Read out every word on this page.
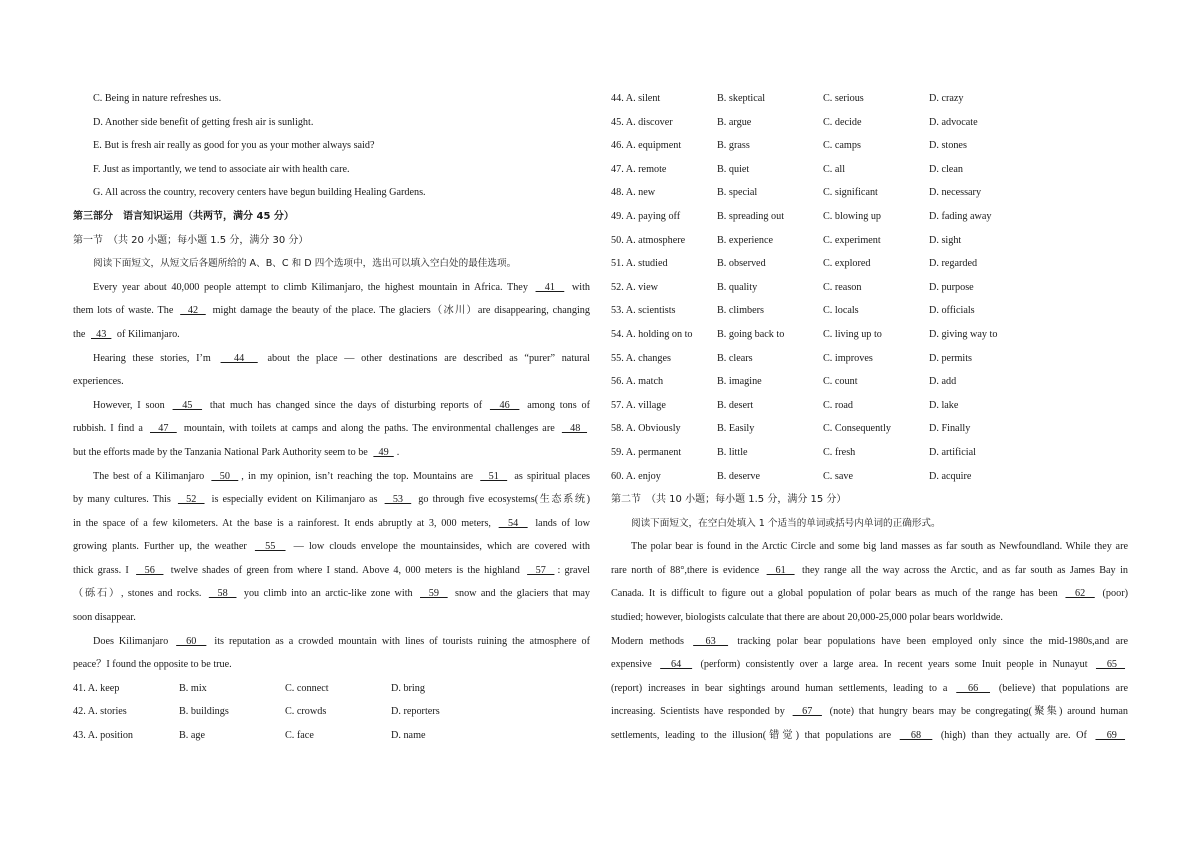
C. Being in nature refreshes us.
D. Another side benefit of getting fresh air is sunlight.
E. But is fresh air really as good for you as your mother always said?
F. Just as importantly, we tend to associate air with health care.
G. All across the country, recovery centers have begun building Healing Gardens.
第三部分　语言知识运用（共两节，满分 45 分）
第一节　（共 20 小题；每小题 1.5 分，满分 30 分）
阅读下面短文，从短文后各题所给的 A、B、C 和 D 四个选项中，选出可以填入空白处的最佳选项。
Every year about 40,000 people attempt to climb Kilimanjaro, the highest mountain in Africa. They   41   with
them lots of waste. The   42   might damage the beauty of the place. The glaciers（冰川）are disappearing, changing
the   43   of Kilimanjaro.
Hearing these stories, I’m   44   about the place — other destinations are described as “purer” natural
experiences.
However, I soon   45   that much has changed since the days of disturbing reports of   46   among tons of
rubbish. I find a   47   mountain, with toilets at camps and along the paths. The environmental challenges are   48
but the efforts made by the Tanzania National Park Authority seem to be   49  .
The best of a Kilimanjaro   50  , in my opinion, isn’t reaching the top. Mountains are   51   as spiritual places
by many cultures. This   52   is especially evident on Kilimanjaro as   53   go through five ecosystems(生态系统)
in the space of a few kilometers. At the base is a rainforest. It ends abruptly at 3, 000 meters,   54   lands of low
growing plants. Further up, the weather   55   — low clouds envelope the mountainsides, which are covered with
thick grass. I   56   twelve shades of green from where I stand. Above 4, 000 meters is the highland   57  : gravel
（砾石）, stones and rocks.   58   you climb into an arctic-like zone with   59   snow and the glaciers that may
soon disappear.
Does Kilimanjaro   60   its reputation as a crowded mountain with lines of tourists ruining the atmosphere of
peace？I found the opposite to be true.
41. A. keep	B. mix	C. connect	D. bring
42. A. stories	B. buildings	C. crowds	D. reporters
43. A. position	B. age	C. face	D. name
44. A. silent	B. skeptical	C. serious	D. crazy
45. A. discover	B. argue	C. decide	D. advocate
46. A. equipment	B. grass	C. camps	D. stones
47. A. remote	B. quiet	C. all	D. clean
48. A. new	B. special	C. significant	D. necessary
49. A. paying off	B. spreading out	C. blowing up	D. fading away
50. A. atmosphere	B. experience	C. experiment	D. sight
51. A. studied	B. observed	C. explored	D. regarded
52. A. view	B. quality	C. reason	D. purpose
53. A. scientists	B. climbers	C. locals	D. officials
54. A. holding on to	B. going back to	C. living up to	D. giving way to
55. A. changes	B. clears	C. improves	D. permits
56. A. match	B. imagine	C. count	D. add
57. A. village	B. desert	C. road	D. lake
58. A. Obviously	B. Easily	C. Consequently	D. Finally
59. A. permanent	B. little	C. fresh	D. artificial
60. A. enjoy	B. deserve	C. save	D. acquire
第二节　（共 10 小题；每小题 1.5 分，满分 15 分）
阅读下面短文，在空白处填入 1 个适当的单词或括号内单词的正确形式。
The polar bear is found in the Arctic Circle and some big land masses as far south as Newfoundland. While they are
rare north of 88°,there is evidence   61   they range all the way across the Arctic, and as far south as James Bay in
Canada. It is difficult to figure out a global population of polar bears as much of the range has been   62   (poor)
studied; however, biologists calculate that there are about 20,000-25,000 polar bears worldwide.
Modern methods   63   tracking polar bear populations have been employed only since the mid-1980s,and are
expensive   64   (perform) consistently over a large area. In recent years some Inuit people in Nunayut   65
(report) increases in bear sightings around human settlements, leading to a   66   (believe) that populations are
increasing. Scientists have responded by   67   (note) that hungry bears may be congregating(聚集) around human
settlements, leading to the illusion(错觉) that populations are   68   (high) than they actually are. Of   69
